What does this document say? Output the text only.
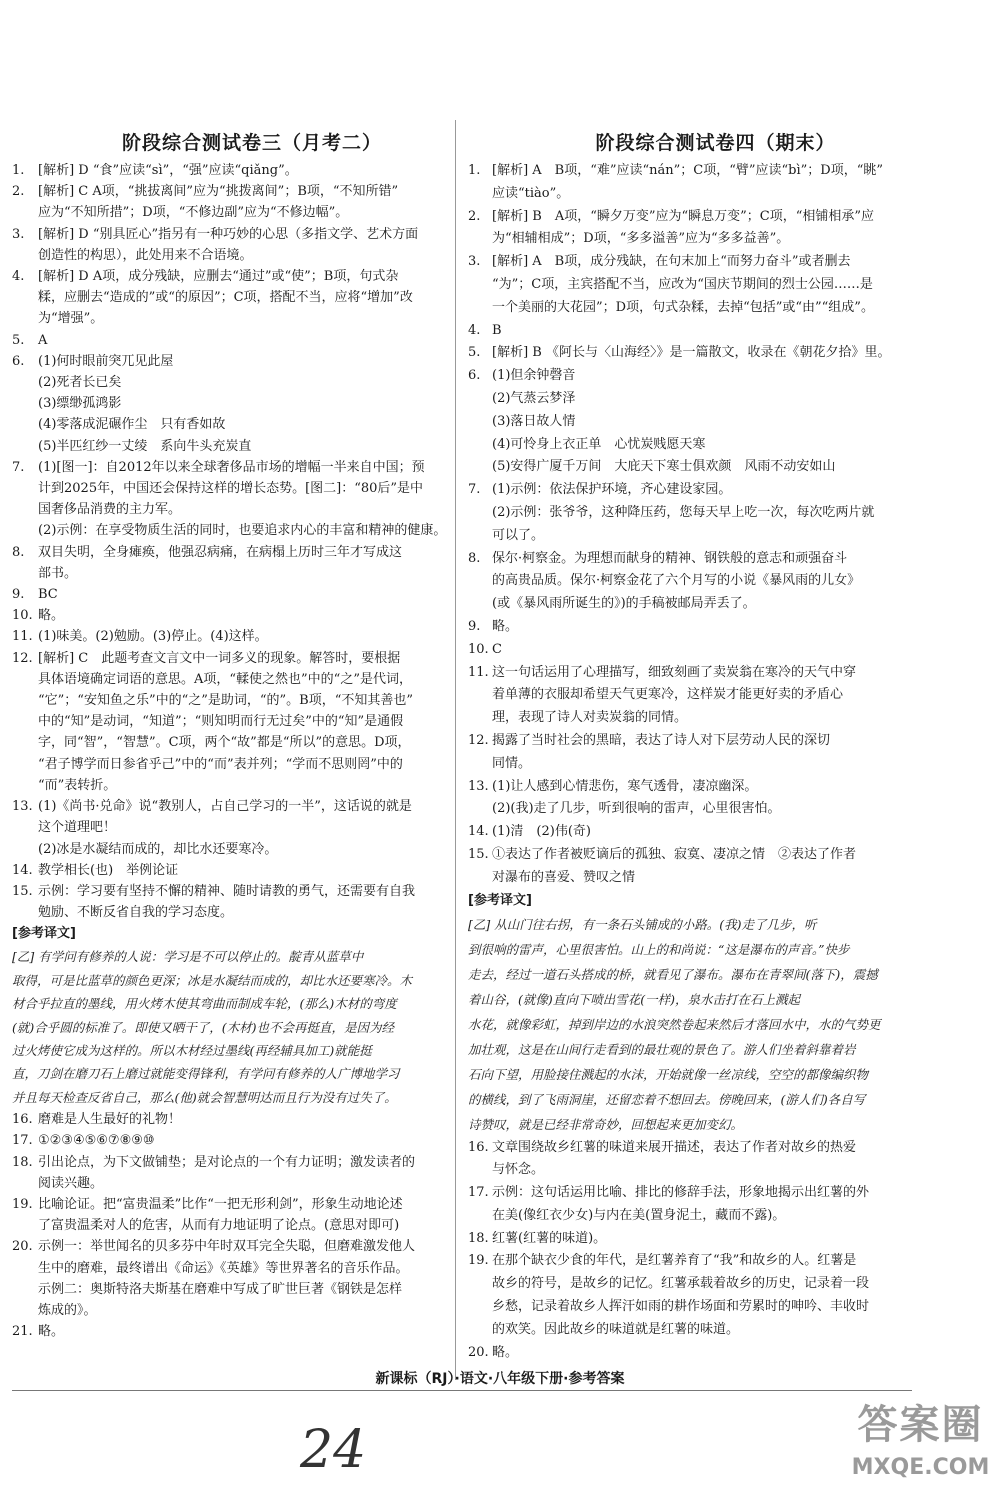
阶段综合测试卷三（月考二）
1.	[解析] D “食”应读“sì”，“强”应读“qiǎng”。
2.	[解析] C A项，“挑拔离间”应为“挑拨离间”；B项，“不知所错”
应为“不知所措”；D项，“不修边副”应为“不修边幅”。
3.	[解析] D “别具匠心”指另有一种巧妙的心思（多指文学、艺术方面
创造性的构思），此处用来不合语境。
4.	[解析] D A项，成分残缺，应删去“通过”或“使”；B项，句式杂
糅，应删去“造成的”或“的原因”；C项，搭配不当，应将“增加”改
为“增强”。
5.	A
6.	(1)何时眼前突兀见此屋
(2)死者长已矣
(3)缥缈孤鸿影
(4)零落成泥碾作尘　只有香如故
(5)半匹红纱一丈绫　系向牛头充炭直
7.	(1)[图一]：自2012年以来全球奢侈品市场的增幅一半来自中国；预
计到2025年，中国还会保持这样的增长态势。[图二]：“80后”是中
国奢侈品消费的主力军。
(2)示例：在享受物质生活的同时，也要追求内心的丰富和精神的健康。
8.	双目失明，全身瘫痪，他强忍病痛，在病榻上历时三年才写成这
部书。
9.	BC
10. 略。
11. (1)味美。(2)勉励。(3)停止。(4)这样。
12. [解析] C　此题考查文言文中一词多义的现象。解答时，要根据
具体语境确定词语的意思。A项，“輮使之然也”中的“之”是代词，
“它”；“安知鱼之乐”中的“之”是助词，“的”。B项，“不知其善也”
中的“知”是动词，“知道”；“则知明而行无过矣”中的“知”是通假
字，同“智”，“智慧”。C项，两个“故”都是“所以”的意思。D项，
“君子博学而日参省乎己”中的“而”表并列；“学而不思则罔”中的
“而”表转折。
13. (1)《尚书·兑命》说“教别人，占自己学习的一半”，这话说的就是
这个道理吧！
(2)冰是水凝结而成的，却比水还要寒冷。
14. 教学相长(也)　举例论证
15. 示例：学习要有坚持不懈的精神、随时请教的勇气，还需要有自我
勉励、不断反省自我的学习态度。
[参考译文]
[乙] 有学问有修养的人说：学习是不可以停止的。靛青从蓝草中
取得，可是比蓝草的颜色更深；冰是水凝结而成的，却比水还要寒冷。木
材合乎拉直的墨线，用火烤木使其弯曲而制成车轮，(那么)木材的弯度
(就)合乎圆的标准了。即使又晒干了，(木材)也不会再挺直，是因为经
过火烤使它成为这样的。所以木材经过墨线(再经辅具加工)就能挺
直，刀剑在磨刀石上磨过就能变得锋利，有学问有修养的人广博地学习
并且每天检查反省自己，那么(他)就会智慧明达而且行为没有过失了。
16. 磨难是人生最好的礼物！
17. ①②③④⑤⑥⑦⑧⑨⑩
18. 引出论点，为下文做铺垫；是对论点的一个有力证明；激发读者的
阅读兴趣。
19. 比喻论证。把“富贵温柔”比作“一把无形利剑”，形象生动地论述
了富贵温柔对人的危害，从而有力地证明了论点。(意思对即可)
20. 示例一：举世闻名的贝多芬中年时双耳完全失聪，但磨难激发他人
生中的磨难，最终谱出《命运》《英雄》等世界著名的音乐作品。
示例二：奥斯特洛夫斯基在磨难中写成了旷世巨著《钢铁是怎样
炼成的》。
21. 略。
阶段综合测试卷四（期末）
1. [解析] A　B项，“难”应读“nán”；C项，“臂”应读“bì”；D项，“眺”
应读“tiào”。
2. [解析] B　A项，“瞬夕万变”应为“瞬息万变”；C项，“相铺相承”应
为“相辅相成”；D项，“多多溢善”应为“多多益善”。
3. [解析] A　B项，成分残缺，在句末加上“而努力奋斗”或者删去
“为”；C项，主宾搭配不当，应改为“国庆节期间的烈士公园……是
一个美丽的大花园”；D项，句式杂糅，去掉“包括”或“由”“组成”。
4. B
5. [解析] B 《阿长与〈山海经〉》是一篇散文，收录在《朝花夕拾》里。
6. (1)但余钟磬音
(2)气蒸云梦泽
(3)落日故人情
(4)可怜身上衣正单　心忧炭贱愿天寒
(5)安得广厦千万间　大庇天下寒士俱欢颜　风雨不动安如山
7. (1)示例：依法保护环境，齐心建设家园。
(2)示例：张爷爷，这种降压药，您每天早上吃一次，每次吃两片就
可以了。
8. 保尔·柯察金。为理想而献身的精神、钢铁般的意志和顽强奋斗
的高贵品质。保尔·柯察金花了六个月写的小说《暴风雨的儿女》
(或《暴风雨所诞生的》)的手稿被邮局弄丢了。
9. 略。
10. C
11. 这一句话运用了心理描写，细致刻画了卖炭翁在寒冷的天气中穿
着单薄的衣服却希望天气更寒冷，这样炭才能更好卖的矛盾心
理，表现了诗人对卖炭翁的同情。
12. 揭露了当时社会的黑暗，表达了诗人对下层劳动人民的深切
同情。
13. (1)让人感到心情悲伤，寒气透骨，凄凉幽深。
(2)(我)走了几步，听到很响的雷声，心里很害怕。
14. (1)清　(2)伟(奇)
15. ①表达了作者被贬谪后的孤独、寂寞、凄凉之情　②表达了作者
对瀑布的喜爱、赞叹之情
[参考译文]
[乙] 从山门往右拐，有一条石头铺成的小路。(我)走了几步，听
到很响的雷声，心里很害怕。山上的和尚说：“这是瀑布的声音。”快步
走去，经过一道石头搭成的桥，就看见了瀑布。瀑布在青翠间(落下)，震撼
着山谷，(就像)直向下喷出雪花(一样)，泉水击打在石上溅起
水花，就像彩虹，掉到岸边的水浪突然卷起来然后才落回水中，水的气势更
加壮观，这是在山间行走看到的最壮观的景色了。游人们坐着斜靠着岩
石向下望，用脸接住溅起的水沫，开始就像一丝凉线，空空的都像编织物
的横线，到了飞雨洞崖，还留恋着不想回去。傍晚回来，(游人们)各自写
诗赞叹，就是已经非常奇妙，回想起来更加变幻。
16. 文章围绕故乡红薯的味道来展开描述，表达了作者对故乡的热爱
与怀念。
17. 示例：这句话运用比喻、排比的修辞手法，形象地揭示出红薯的外
在美(像红衣少女)与内在美(置身泥土，藏而不露)。
18. 红薯(红薯的味道)。
19. 在那个缺衣少食的年代，是红薯养育了“我”和故乡的人。红薯是
故乡的符号，是故乡的记忆。红薯承载着故乡的历史，记录着一段
乡愁，记录着故乡人挥汗如雨的耕作场面和劳累时的呻吟、丰收时
的欢笑。因此故乡的味道就是红薯的味道。
20. 略。
新课标（RJ）·语文·八年级下册·参考答案
24	答案圈
MXQE.COM
